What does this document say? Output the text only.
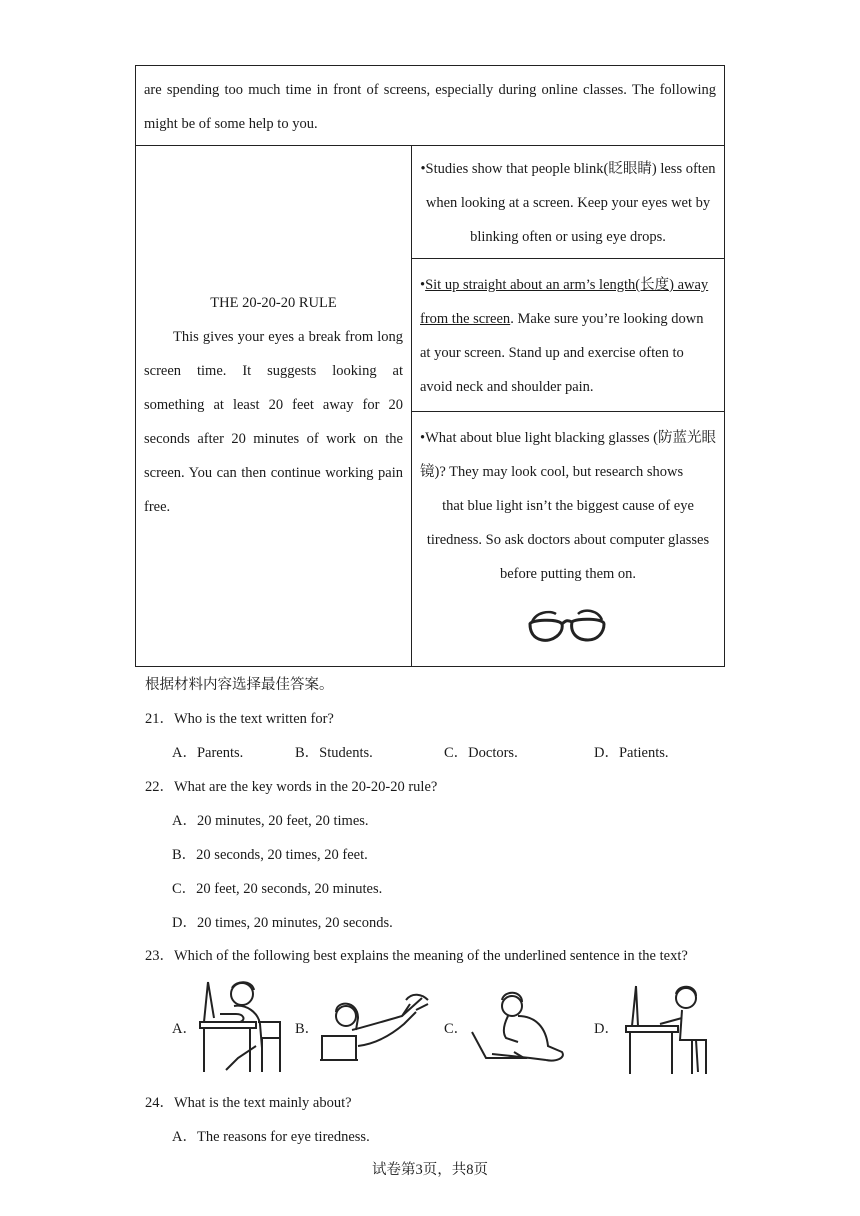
are spending too much time in front of screens, especially during online classes. The following might be of some help to you.
THE 20-20-20 RULE

This gives your eyes a break from long screen time. It suggests looking at something at least 20 feet away for 20 seconds after 20 minutes of work on the screen. You can then continue working pain free.

•Studies show that people blink(眨眼睛) less often when looking at a screen. Keep your eyes wet by blinking often or using eye drops.
•Sit up straight about an arm’s length(长度) away from the screen. Make sure you’re looking down at your screen. Stand up and exercise often to avoid neck and shoulder pain.
•What about blue light blacking glasses (防蓝光眼镜)? They may look cool, but research shows
that blue light isn’t the biggest cause of eye tiredness. So ask doctors about computer glasses before putting them on.
根据材料内容选择最佳答案。
21．Who is the text written for?
A．Parents.	B．Students.	C．Doctors.	D．Patients.
22．What are the key words in the 20-20-20 rule?
A．20 minutes, 20 feet, 20 times.
B．20 seconds, 20 times, 20 feet.
C．20 feet, 20 seconds, 20 minutes.
D．20 times, 20 minutes, 20 seconds.
23．Which of the following best explains the meaning of the underlined sentence in the text?
A．	B．	C．	D．
24．What is the text mainly about?
A．The reasons for eye tiredness.
试卷第3页，共8页
